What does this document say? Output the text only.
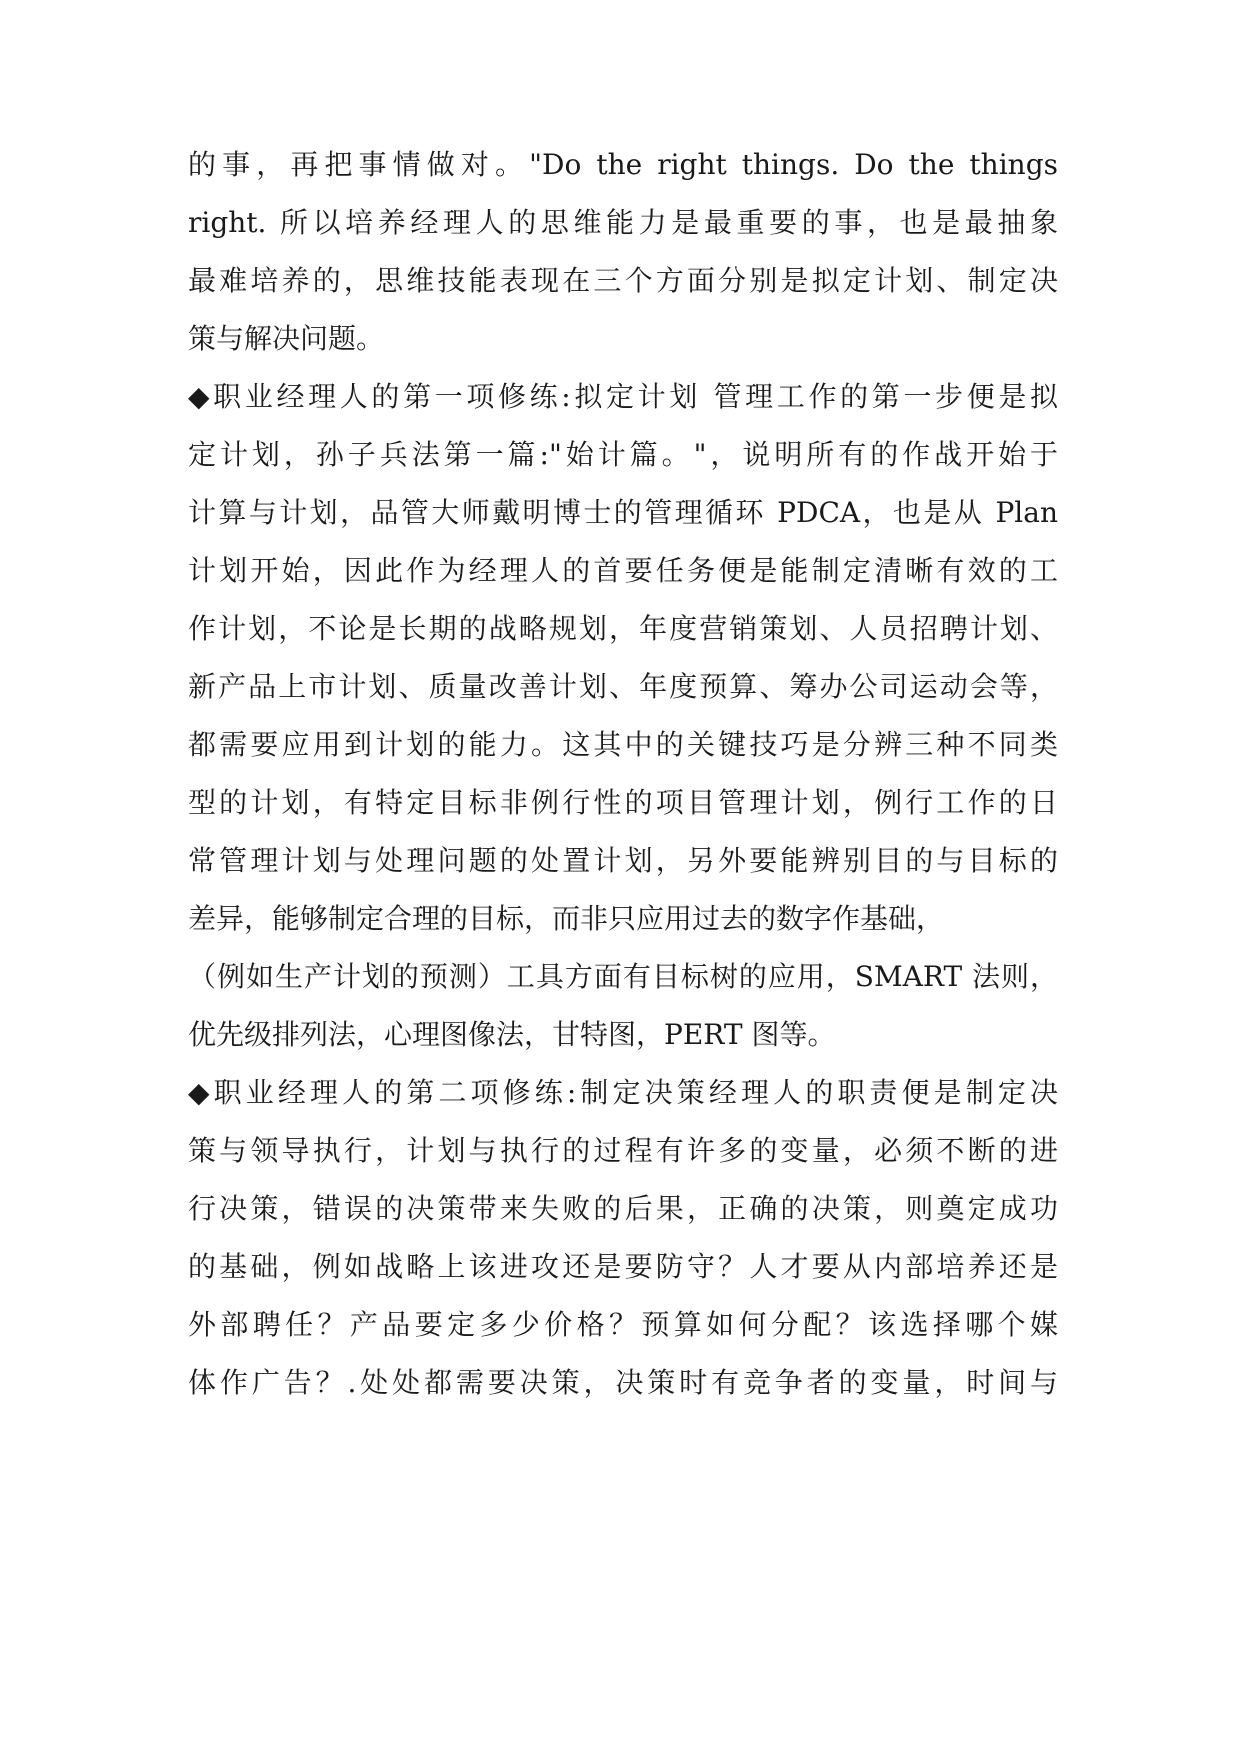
的事，再把事情做对。"Do the right things. Do the things
right. 所以培养经理人的思维能力是最重要的事，也是最抽象
最难培养的，思维技能表现在三个方面分别是拟定计划、制定决
策与解决问题。
◆职业经理人的第一项修练:拟定计划 管理工作的第一步便是拟
定计划，孙子兵法第一篇:"始计篇。"，说明所有的作战开始于
计算与计划，品管大师戴明博士的管理循环 PDCA，也是从 Plan
计划开始，因此作为经理人的首要任务便是能制定清晰有效的工
作计划，不论是长期的战略规划，年度营销策划、人员招聘计划、
新产品上市计划、质量改善计划、年度预算、筹办公司运动会等，
都需要应用到计划的能力。这其中的关键技巧是分辨三种不同类
型的计划，有特定目标非例行性的项目管理计划，例行工作的日
常管理计划与处理问题的处置计划，另外要能辨别目的与目标的
差异，能够制定合理的目标，而非只应用过去的数字作基础，
（例如生产计划的预测）工具方面有目标树的应用，SMART 法则，
优先级排列法，心理图像法，甘特图，PERT 图等。
◆职业经理人的第二项修练:制定决策经理人的职责便是制定决
策与领导执行，计划与执行的过程有许多的变量，必须不断的进
行决策，错误的决策带来失败的后果，正确的决策，则奠定成功
的基础，例如战略上该进攻还是要防守？人才要从内部培养还是
外部聘任？产品要定多少价格？预算如何分配？该选择哪个媒
体作广告？.处处都需要决策，决策时有竞争者的变量，时间与
